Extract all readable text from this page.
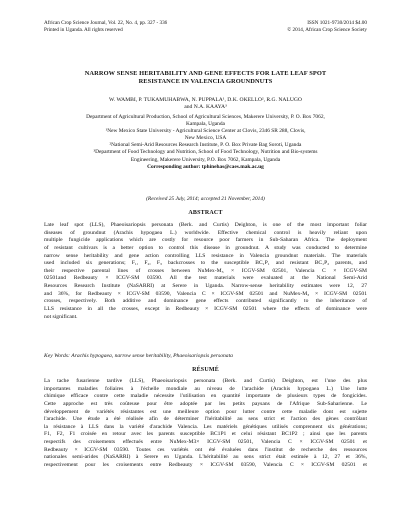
African Crop Science Journal, Vol. 22, No. 4, pp. 327 - 336
Printed in Uganda. All rights reserved
ISSN 1021-9730/2014 $4.00
© 2014, African Crop Science Society
NARROW SENSE HERITABILITY AND GENE EFFECTS FOR LATE LEAF SPOT
RESISTANCE IN VALENCIA GROUNDNUTS
W. WAMBI, P. TUKAMUHABWA, N. PUPPALA¹, D.K. OKELLO², R.G. NALUGO
and N.A. KAAYA³
Department of Agricultural Production, School of Agricultural Sciences, Makerere University, P. O. Box 7062,
Kampala, Uganda
¹New Mexico State University - Agricultural Science Center at Clovis, 2346 SR 288, Clovis,
New Mexico, USA
²National Semi-Arid Resources Research Institute, P. O. Box Private Bag Soroti, Uganda
³Department of Food Technology and Nutrition, School of Food Technology, Nutrition and Bio-systems
Engineering, Makerere University, P.O. Box 7062, Kampala, Uganda
Corresponding author: tphinehas@caes.mak.ac.ug
(Received 25 July, 2014; accepted 21 November, 2014)
ABSTRACT
Late leaf spot (LLS), Phaeoisariopsis personata (Berk. and Curtis) Deighton, is one of the most important foliar
diseases of groundnut (Arachis hypogaea L.) worldwide. Effective chemical control is heavily reliant upon
multiple fungicide applications which are costly for resource poor farmers in Sub-Saharan Africa. The deployment
of resistant cultivars is a better option to control this disease in groundnut. A study was conducted to determine
narrow sense heritability and gene action controlling LLS resistance in Valencia groundnut materials. The materials
used included six generations; F₁, F₂, F₃ backcrosses to the susceptible BC₁P₁ and resistant BC₁P₂ parents, and
their respective parental lines of crosses between NuMex-M₃ × ICGV-SM 02501, Valencia C × ICGV-SM
02501and Redbeauty × ICGV-SM 03590. All the test materials were evaluated at the National Semi-Arid
Resources Research Institute (NaSARRI) at Serere in Uganda. Narrow-sense heritability estimates were 12, 27
and 36%, for Redbeauty × ICGV-SM 03590, Valencia C × ICGV-SM 02501 and NuMex-M₃ × ICGV-SM 02501
crosses, respectively. Both additive and dominance gene effects contributed significantly to the inheritance of
LLS resistance in all the crosses, except in Redbeauty × ICGV-SM 02501 where the effects of dominance were
not significant.
Key Words: Arachis hypogaea, narrow sense heritability, Phaeoisariopsis personata
RÉSUMÉ
La tache fusarienne tardive (LLS), Phaeoisariopsis personata (Berk. and Curtis) Deighton, est l'une des plus
importantes maladies foliaires à l'échelle mondiale au niveau de l'arachide (Arachis hypogaea L.) Une lutte
chimique efficace contre cette maladie nécessite l'utilisation en quantité importante de plusieurs types de fongicides.
Cette approche est très coûteuse pour être adoptée par les petits paysans de l'Afrique Sub-Saharienne. Le
développement de variétés résistantes est une meilleure option pour lutter contre cette maladie dont est sujette
l'arachide. Une étude a été réalisée afin de déterminer l'héritabilité au sens strict et l'action des gènes contrôlant
la résistance à LLS dans la variété d'arachide Valencia. Les matériels génétiques utilisés comprennent six générations;
F1, F2, F1 croisée en retour avec les parents susceptible BC1P1 et celui résistant BC1P2 ; ainsi que les parents
respectifs des croisements effectués entre NuMex-M3× ICGV-SM 02501, Valencia C × ICGV-SM 02501 et
Redbeauty × ICGV-SM 03590. Toutes ces variétés ont été évaluées dans l'institut de recherche des ressources
nationales semi-arides (NaSARRI) à Serere en Uganda. L'héritabilité au sens strict était estimée à 12, 27 et 36%,
respectivement pour les croisements entre Redbeauty × ICGV-SM 03590, Valencia C × ICGV-SM 02501 et
